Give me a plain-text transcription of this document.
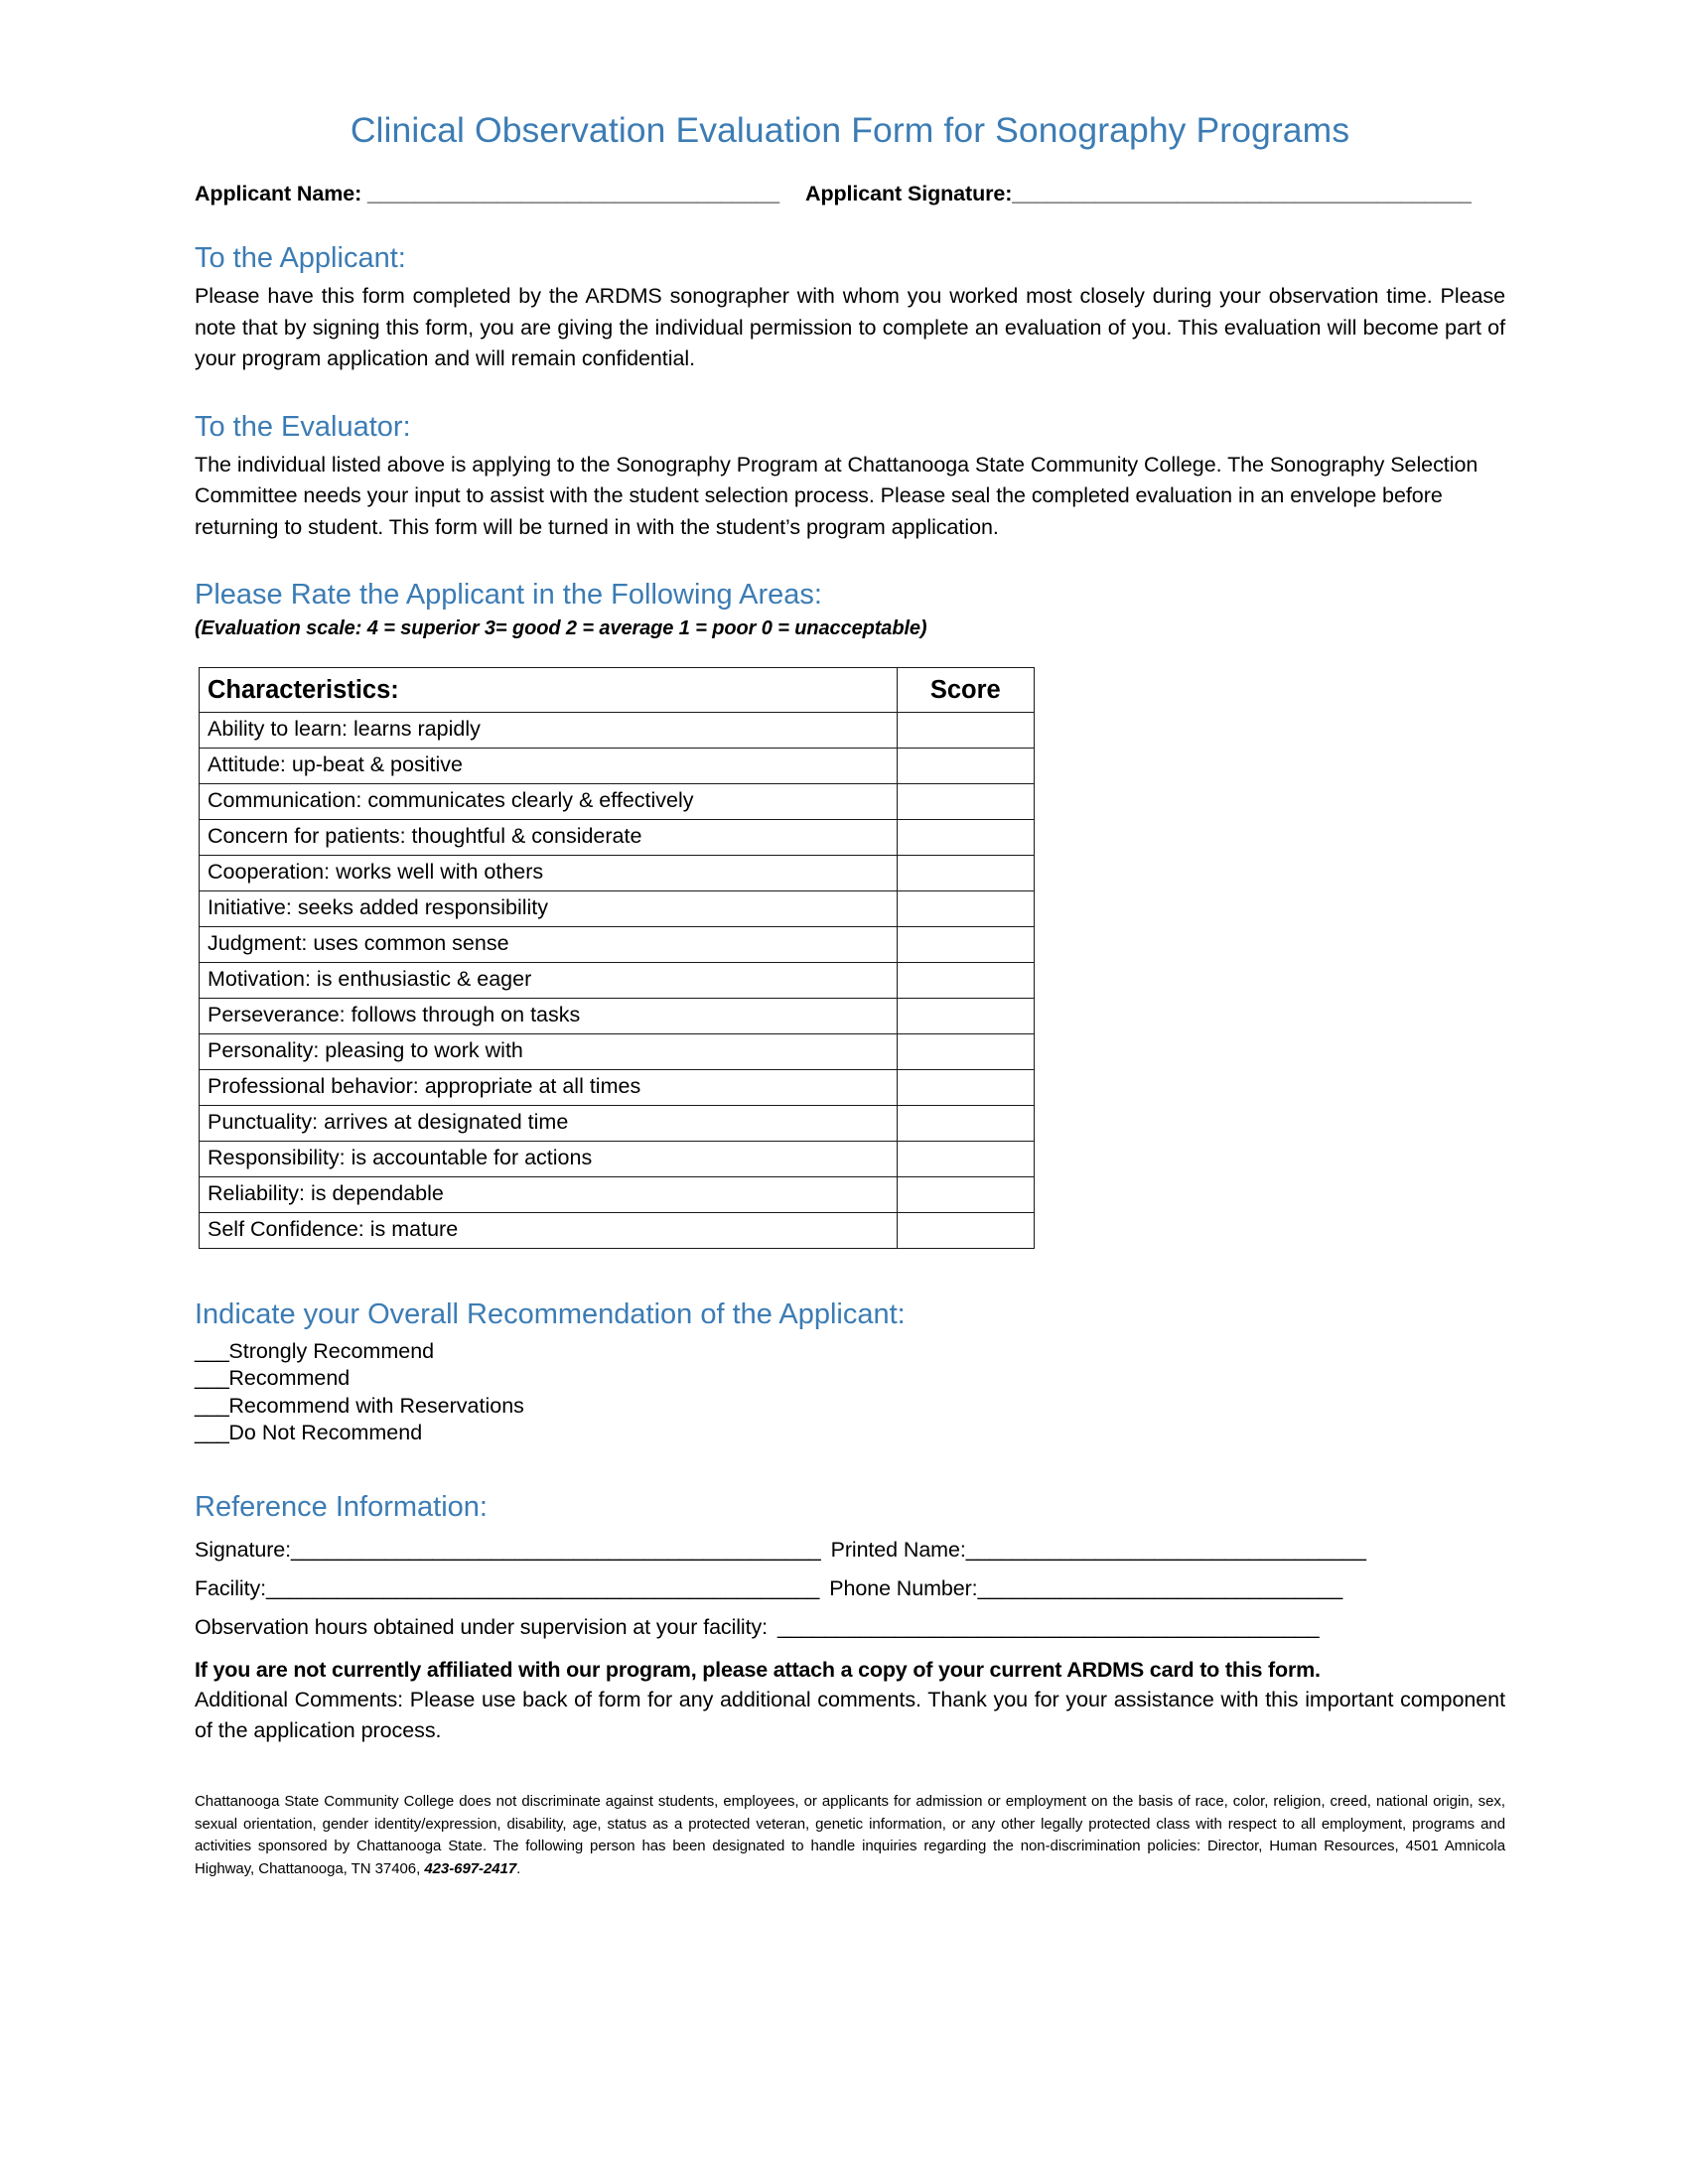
Clinical Observation Evaluation Form for Sonography Programs
Applicant Name: ___________________________________ Applicant Signature:_______________________________________
To the Applicant:

Please have this form completed by the ARDMS sonographer with whom you worked most closely during your observation time. Please note that by signing this form, you are giving the individual permission to complete an evaluation of you. This evaluation will become part of your program application and will remain confidential.

To the Evaluator:

The individual listed above is applying to the Sonography Program at Chattanooga State Community College. The Sonography Selection Committee needs your input to assist with the student selection process. Please seal the completed evaluation in an envelope before returning to student. This form will be turned in with the student’s program application.

Please Rate the Applicant in the Following Areas:
(Evaluation scale: 4 = superior 3= good 2 = average 1 = poor 0 = unacceptable)
Characteristics:	Score
Ability to learn: learns rapidly	
Attitude: up-beat & positive	
Communication: communicates clearly & effectively	
Concern for patients: thoughtful & considerate	
Cooperation: works well with others	
Initiative: seeks added responsibility	
Judgment: uses common sense	
Motivation: is enthusiastic & eager	
Perseverance: follows through on tasks	
Personality: pleasing to work with	
Professional behavior: appropriate at all times	
Punctuality: arrives at designated time	
Responsibility: is accountable for actions	
Reliability: is dependable	
Self Confidence: is mature	
Indicate your Overall Recommendation of the Applicant:
___Strongly Recommend
___Recommend
___Recommend with Reservations
___Do Not Recommend
Reference Information:
Signature:_____________________________________________ Printed Name:__________________________________
Facility:_______________________________________________ Phone Number:_______________________________
Observation hours obtained under supervision at your facility: ______________________________________________
If you are not currently affiliated with our program, please attach a copy of your current ARDMS card to this form.

Additional Comments: Please use back of form for any additional comments. Thank you for your assistance with this important component of the application process.

Chattanooga State Community College does not discriminate against students, employees, or applicants for admission or employment on the basis of race, color, religion, creed, national origin, sex, sexual orientation, gender identity/expression, disability, age, status as a protected veteran, genetic information, or any other legally protected class with respect to all employment, programs and activities sponsored by Chattanooga State. The following person has been designated to handle inquiries regarding the non-discrimination policies: Director, Human Resources, 4501 Amnicola Highway, Chattanooga, TN 37406, 423-697-2417.
